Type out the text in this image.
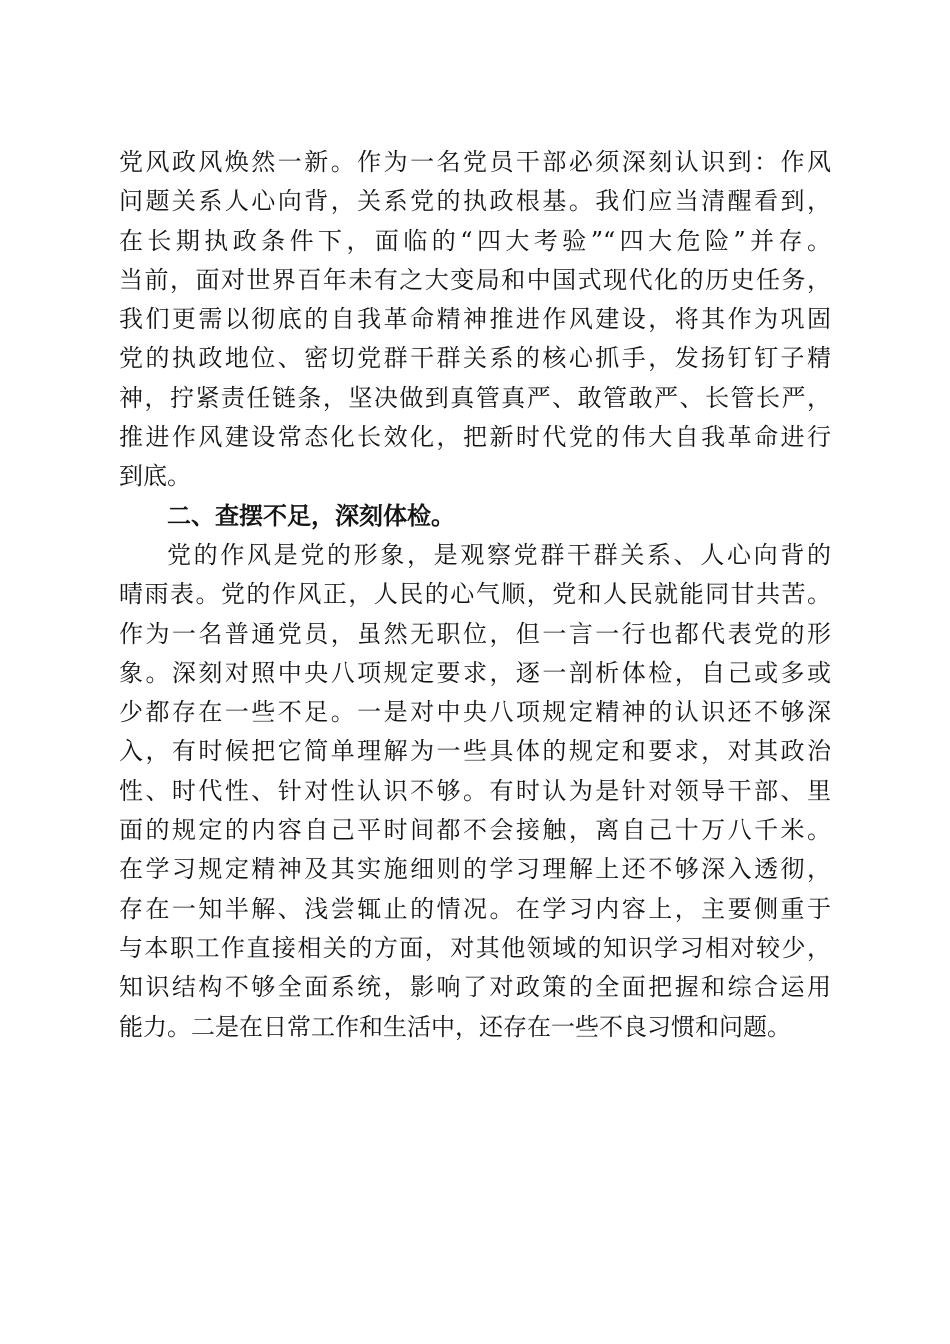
党风政风焕然一新。作为一名党员干部必须深刻认识到：作风
问题关系人心向背，关系党的执政根基。我们应当清醒看到，
在长期执政条件下，面临的“四大考验”“四大危险”并存。
当前，面对世界百年未有之大变局和中国式现代化的历史任务，
我们更需以彻底的自我革命精神推进作风建设，将其作为巩固
党的执政地位、密切党群干群关系的核心抓手，发扬钉钉子精
神，拧紧责任链条，坚决做到真管真严、敢管敢严、长管长严，
推进作风建设常态化长效化，把新时代党的伟大自我革命进行
到底。
二、查摆不足，深刻体检。
党的作风是党的形象，是观察党群干群关系、人心向背的
晴雨表。党的作风正，人民的心气顺，党和人民就能同甘共苦。
作为一名普通党员，虽然无职位，但一言一行也都代表党的形
象。深刻对照中央八项规定要求，逐一剖析体检，自己或多或
少都存在一些不足。一是对中央八项规定精神的认识还不够深
入，有时候把它简单理解为一些具体的规定和要求，对其政治
性、时代性、针对性认识不够。有时认为是针对领导干部、里
面的规定的内容自己平时间都不会接触，离自己十万八千米。
在学习规定精神及其实施细则的学习理解上还不够深入透彻，
存在一知半解、浅尝辄止的情况。在学习内容上，主要侧重于
与本职工作直接相关的方面，对其他领域的知识学习相对较少，
知识结构不够全面系统，影响了对政策的全面把握和综合运用
能力。二是在日常工作和生活中，还存在一些不良习惯和问题。
